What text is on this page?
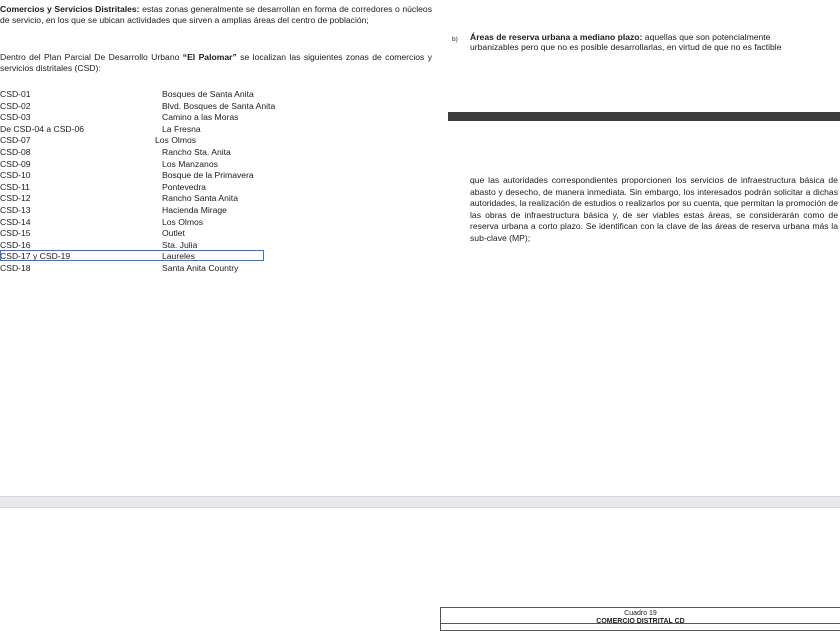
Comercios y Servicios Distritales: estas zonas generalmente se desarrollan en forma de corredores o núcleos de servicio, en los que se ubican actividades que sirven a amplias áreas del centro de población;
Dentro del Plan Parcial De Desarrollo Urbano “El Palomar” se localizan las siguientes zonas de comercios y servicios distritales (CSD):
CSD-01	Bosques de Santa Anita
CSD-02	Blvd. Bosques de Santa Anita
CSD-03	Camino a las Moras
De CSD-04 a CSD-06	La Fresna
CSD-07	Los Olmos
CSD-08	Rancho Sta. Anita
CSD-09	Los Manzanos
CSD-10	Bosque de la Primavera
CSD-11	Pontevedra
CSD-12	Rancho Santa Anita
CSD-13	Hacienda Mirage
CSD-14	Los Olmos
CSD-15	Outlet
CSD-16	Sta. Julia
CSD-17 y CSD-19	Laureles
CSD-18	Santa Anita Country
b) Áreas de reserva urbana a mediano plazo: aquellas que son potencialmente
urbanizables pero que no es posible desarrollarlas, en virtud de que no es factible
que las autoridades correspondientes proporcionen los servicios de infraestructura básica de abasto y desecho, de manera inmediata. Sin embargo, los interesados podrán solicitar a dichas autoridades, la realización de estudios o realizarlos por su cuenta, que permitan la promoción de las obras de infraestructura básica y, de ser viables estas áreas, se considerarán como de reserva urbana a corto plazo. Se identifican con la clave de las áreas de reserva urbana más la sub-clave (MP);
Cuadro 19
COMERCIO DISTRITAL CD
